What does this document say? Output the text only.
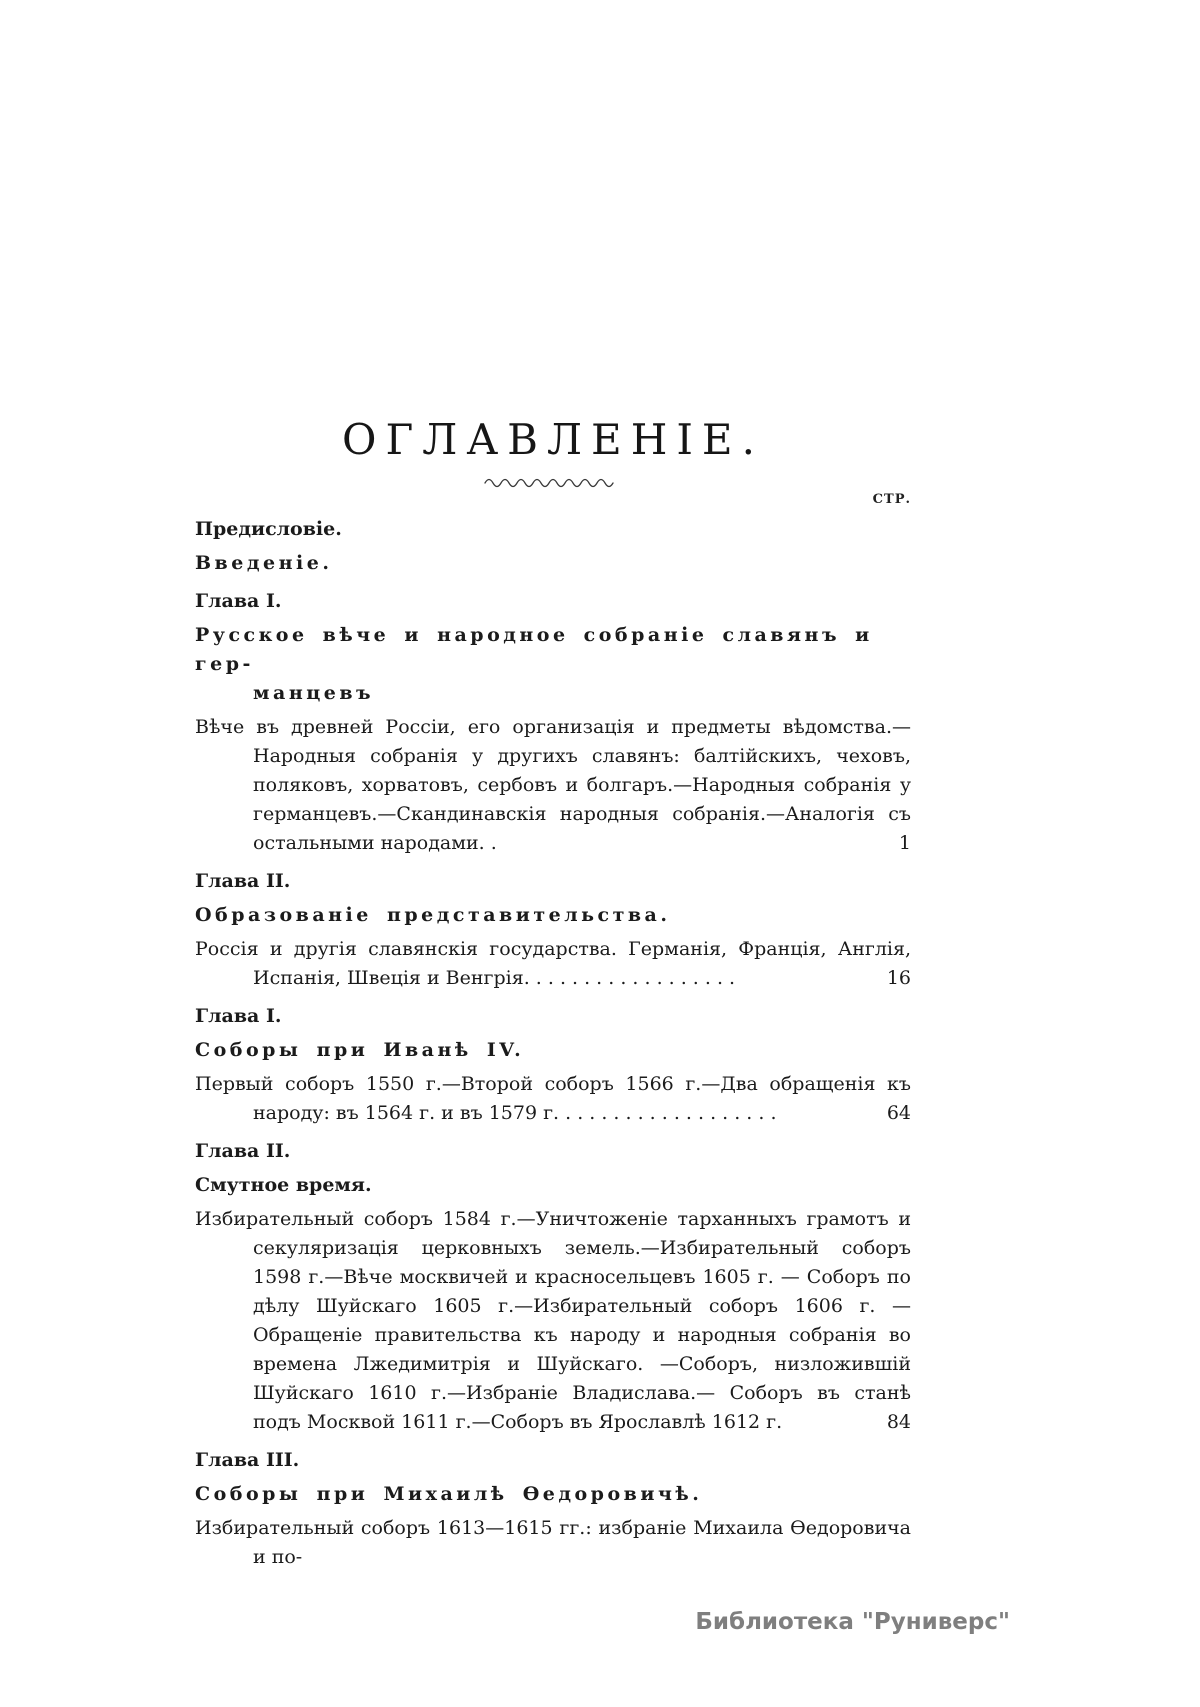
ОГЛАВЛЕНІЕ.
СТР.
Предисловіе.
Введеніе.
Глава I.
Русское вѣче и народное собраніе славянъ и гер-
манцевъ
Вѣче въ древней Россіи, его организація и предметы вѣдомства.—Народныя собранія у другихъ славянъ: балтійскихъ, чеховъ, поляковъ, хорватовъ, сербовъ и болгаръ.—Народныя собранія у германцевъ.—Скандинавскія народныя собранія.—Аналогія съ остальными народами. .	1
Глава II.
Образованіе представительства.
Россія и другія славянскія государства. Германія, Франція, Англія, Испанія, Швеція и Венгрія. . . . . . . . . . . . . . . . . .	16
Глава I.
Соборы при Иванѣ IV.
Первый соборъ 1550 г.—Второй соборъ 1566 г.—Два обращенія къ народу: въ 1564 г. и въ 1579 г. . . . . . . . . . . . . . . . . . .	64
Глава II.
Смутное время.
Избирательный соборъ 1584 г.—Уничтоженіе тарханныхъ грамотъ и секуляризація церковныхъ земель.—Избирательный соборъ 1598 г.—Вѣче москвичей и красносельцевъ 1605 г. — Соборъ по дѣлу Шуйскаго 1605 г.—Избирательный соборъ 1606 г. — Обращеніе правительства къ народу и народныя собранія во времена Лжедимитрія и Шуйскаго. —Соборъ, низложившій Шуйскаго 1610 г.—Избраніе Владислава.— Соборъ въ станѣ подъ Москвой 1611 г.—Соборъ въ Ярославлѣ 1612 г.	84
Глава III.
Соборы при Михаилѣ Ѳедоровичѣ.
Избирательный соборъ 1613—1615 гг.: избраніе Михаила Ѳедоровича и по-
Библиотека "Руниверс"
